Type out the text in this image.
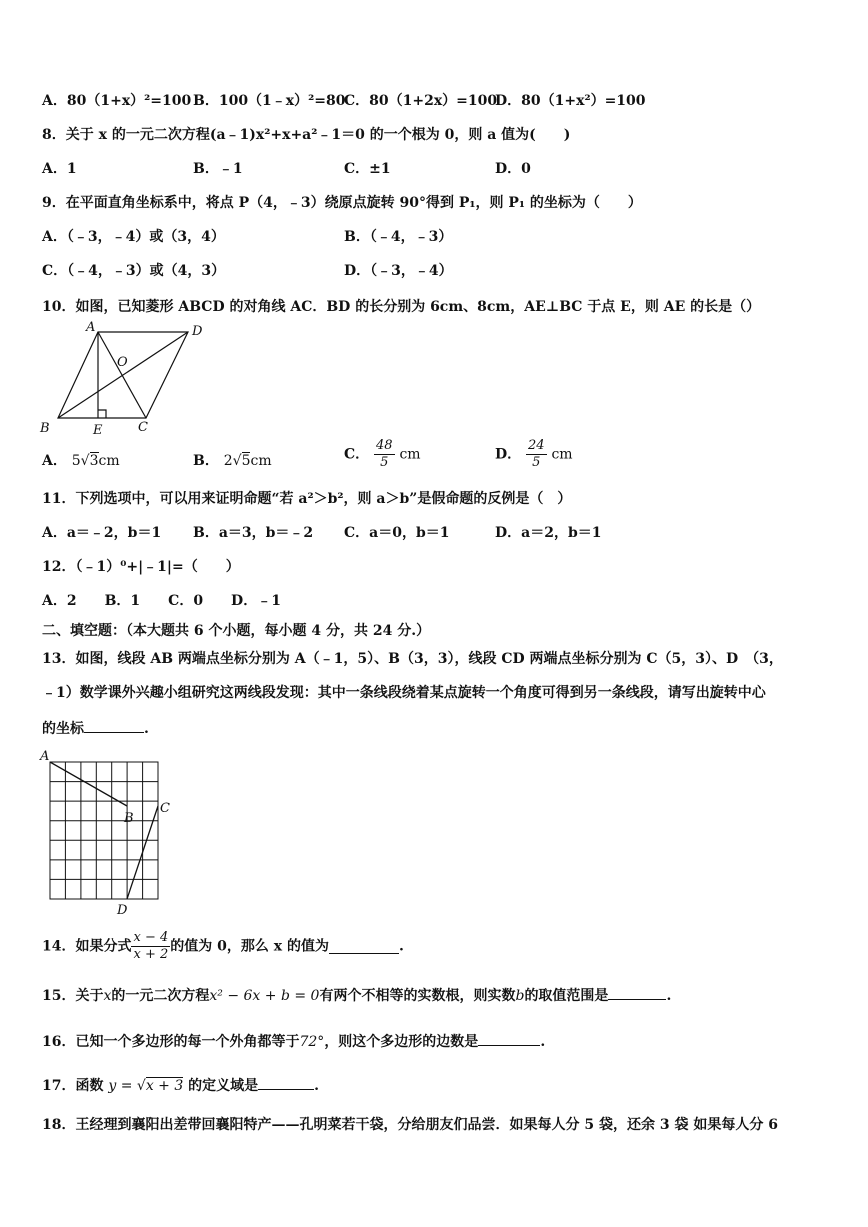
A．80（1+x）²=100 B．100（1﹣x）²=80
C．80（1+2x）=100
D．80（1+x²）=100
8．关于 x 的一元二次方程(a﹣1)x²+x+a²﹣1＝0 的一个根为 0，则 a 值为(　　)
A．1	B．﹣1	C．±1	D．0
9．在平面直角坐标系中，将点 P（4，﹣3）绕原点旋转 90°得到 P₁，则 P₁ 的坐标为（　　）
A．（﹣3，﹣4）或（3，4）	B．（﹣4，﹣3）
C．（﹣4，﹣3）或（4，3）	D．（﹣3，﹣4）
10．如图，已知菱形 ABCD 的对角线 AC．BD 的长分别为 6cm、8cm，AE⊥BC 于点 E，则 AE 的长是（）
A	D
B	C
E
O
A． 5√3cm	B． 2√5cm	C． $\frac{48}{5}$ cm	D． $\frac{24}{5}$ cm
11．下列选项中，可以用来证明命题“若 a²＞b²，则 a＞b”是假命题的反例是（　）
A．a＝﹣2，b＝1 B．a＝3，b＝﹣2 C．a＝0，b＝1	D．a＝2，b＝1
12．（﹣1）⁰+|﹣1|=（　　）
A．2　　B．1　　C．0　　D．﹣1
二、填空题：（本大题共 6 个小题，每小题 4 分，共 24 分.）
13．如图，线段 AB 两端点坐标分别为 A（﹣1，5）、B（3，3），线段 CD 两端点坐标分别为 C（5，3）、D　（3，
﹣1）数学课外兴趣小组研究这两线段发现：其中一条线段绕着某点旋转一个角度可得到另一条线段，请写出旋转中心
的坐标	.
A
B
C
D
14．如果分式 $\frac{x - 4}{x + 2}$ 的值为 0，那么 x 的值为	.
15．关于x的一元二次方程x² − 6x + b = 0有两个不相等的实数根，则实数b的取值范围是	.
16．已知一个多边形的每一个外角都等于72°，则这个多边形的边数是	.
17．函数 y = √x + 3 的定义域是	.
18．王经理到襄阳出差带回襄阳特产——孔明菜若干袋，分给朋友们品尝．如果每人分 5 袋，还余 3 袋 如果每人分 6
